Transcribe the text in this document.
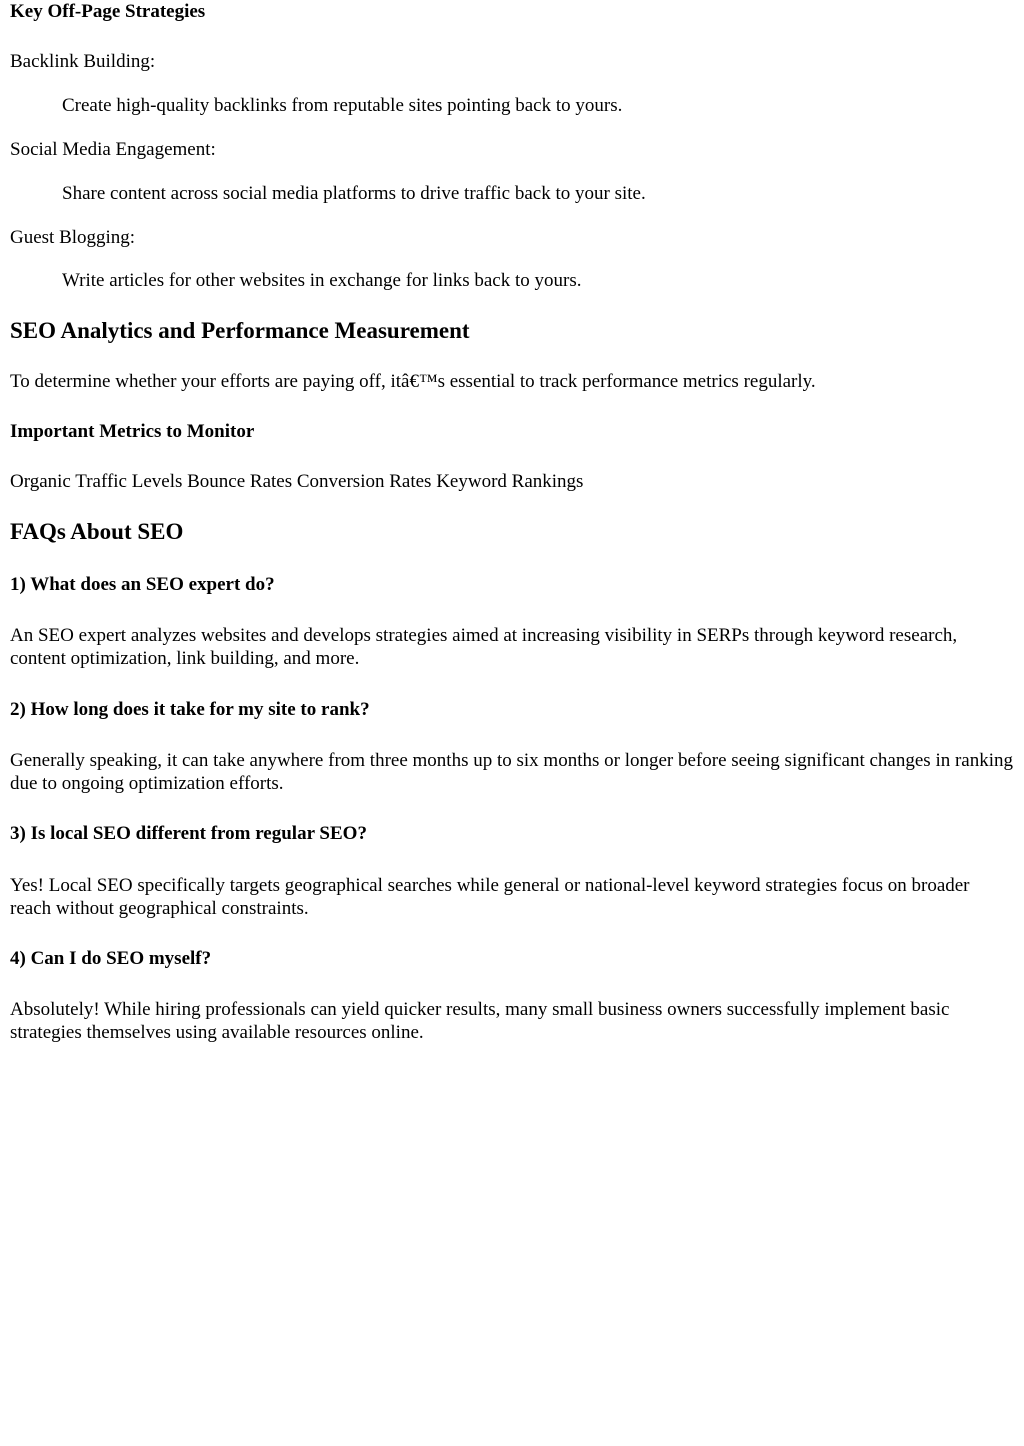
Key Off-Page Strategies

Backlink Building:

Create high-quality backlinks from reputable sites pointing back to yours.

Social Media Engagement:

Share content across social media platforms to drive traffic back to your site.

Guest Blogging:

Write articles for other websites in exchange for links back to yours.

SEO Analytics and Performance Measurement

To determine whether your efforts are paying off, itâ€™s essential to track performance metrics regularly.

Important Metrics to Monitor

Organic Traffic Levels Bounce Rates Conversion Rates Keyword Rankings

FAQs About SEO
1) What does an SEO expert do?

An SEO expert analyzes websites and develops strategies aimed at increasing visibility in SERPs through keyword research, content optimization, link building, and more.

2) How long does it take for my site to rank?

Generally speaking, it can take anywhere from three months up to six months or longer before seeing significant changes in ranking due to ongoing optimization efforts.

3) Is local SEO different from regular SEO?

Yes! Local SEO specifically targets geographical searches while general or national-level keyword strategies focus on broader reach without geographical constraints.

4) Can I do SEO myself?

Absolutely! While hiring professionals can yield quicker results, many small business owners successfully implement basic strategies themselves using available resources online.
